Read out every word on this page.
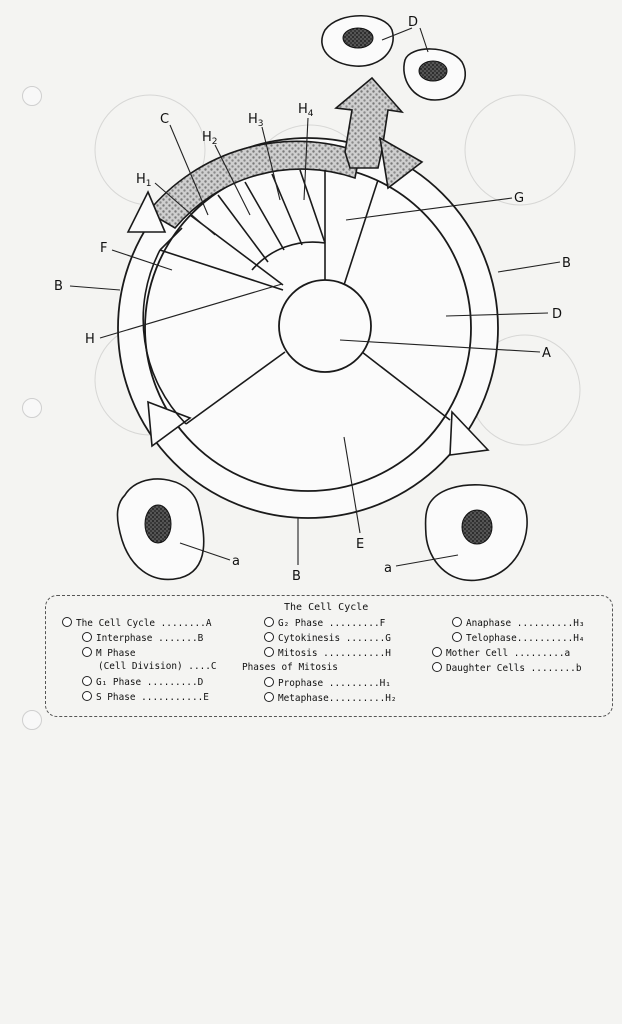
D
C
$H_2$
$H_3$
$H_4$
$H_1$
G
F
B
B
D
H
A
E
a	a
B
The Cell Cycle
The Cell Cycle ........A
Interphase .......B
M Phase
(Cell Division) ....C
G₁ Phase .........D
S Phase ...........E
G₂ Phase .........F
Cytokinesis .......G
Mitosis ...........H
Phases of Mitosis
Prophase .........H₁
Metaphase..........H₂
Anaphase ..........H₃
Telophase..........H₄
Mother Cell .........a
Daughter Cells ........b
